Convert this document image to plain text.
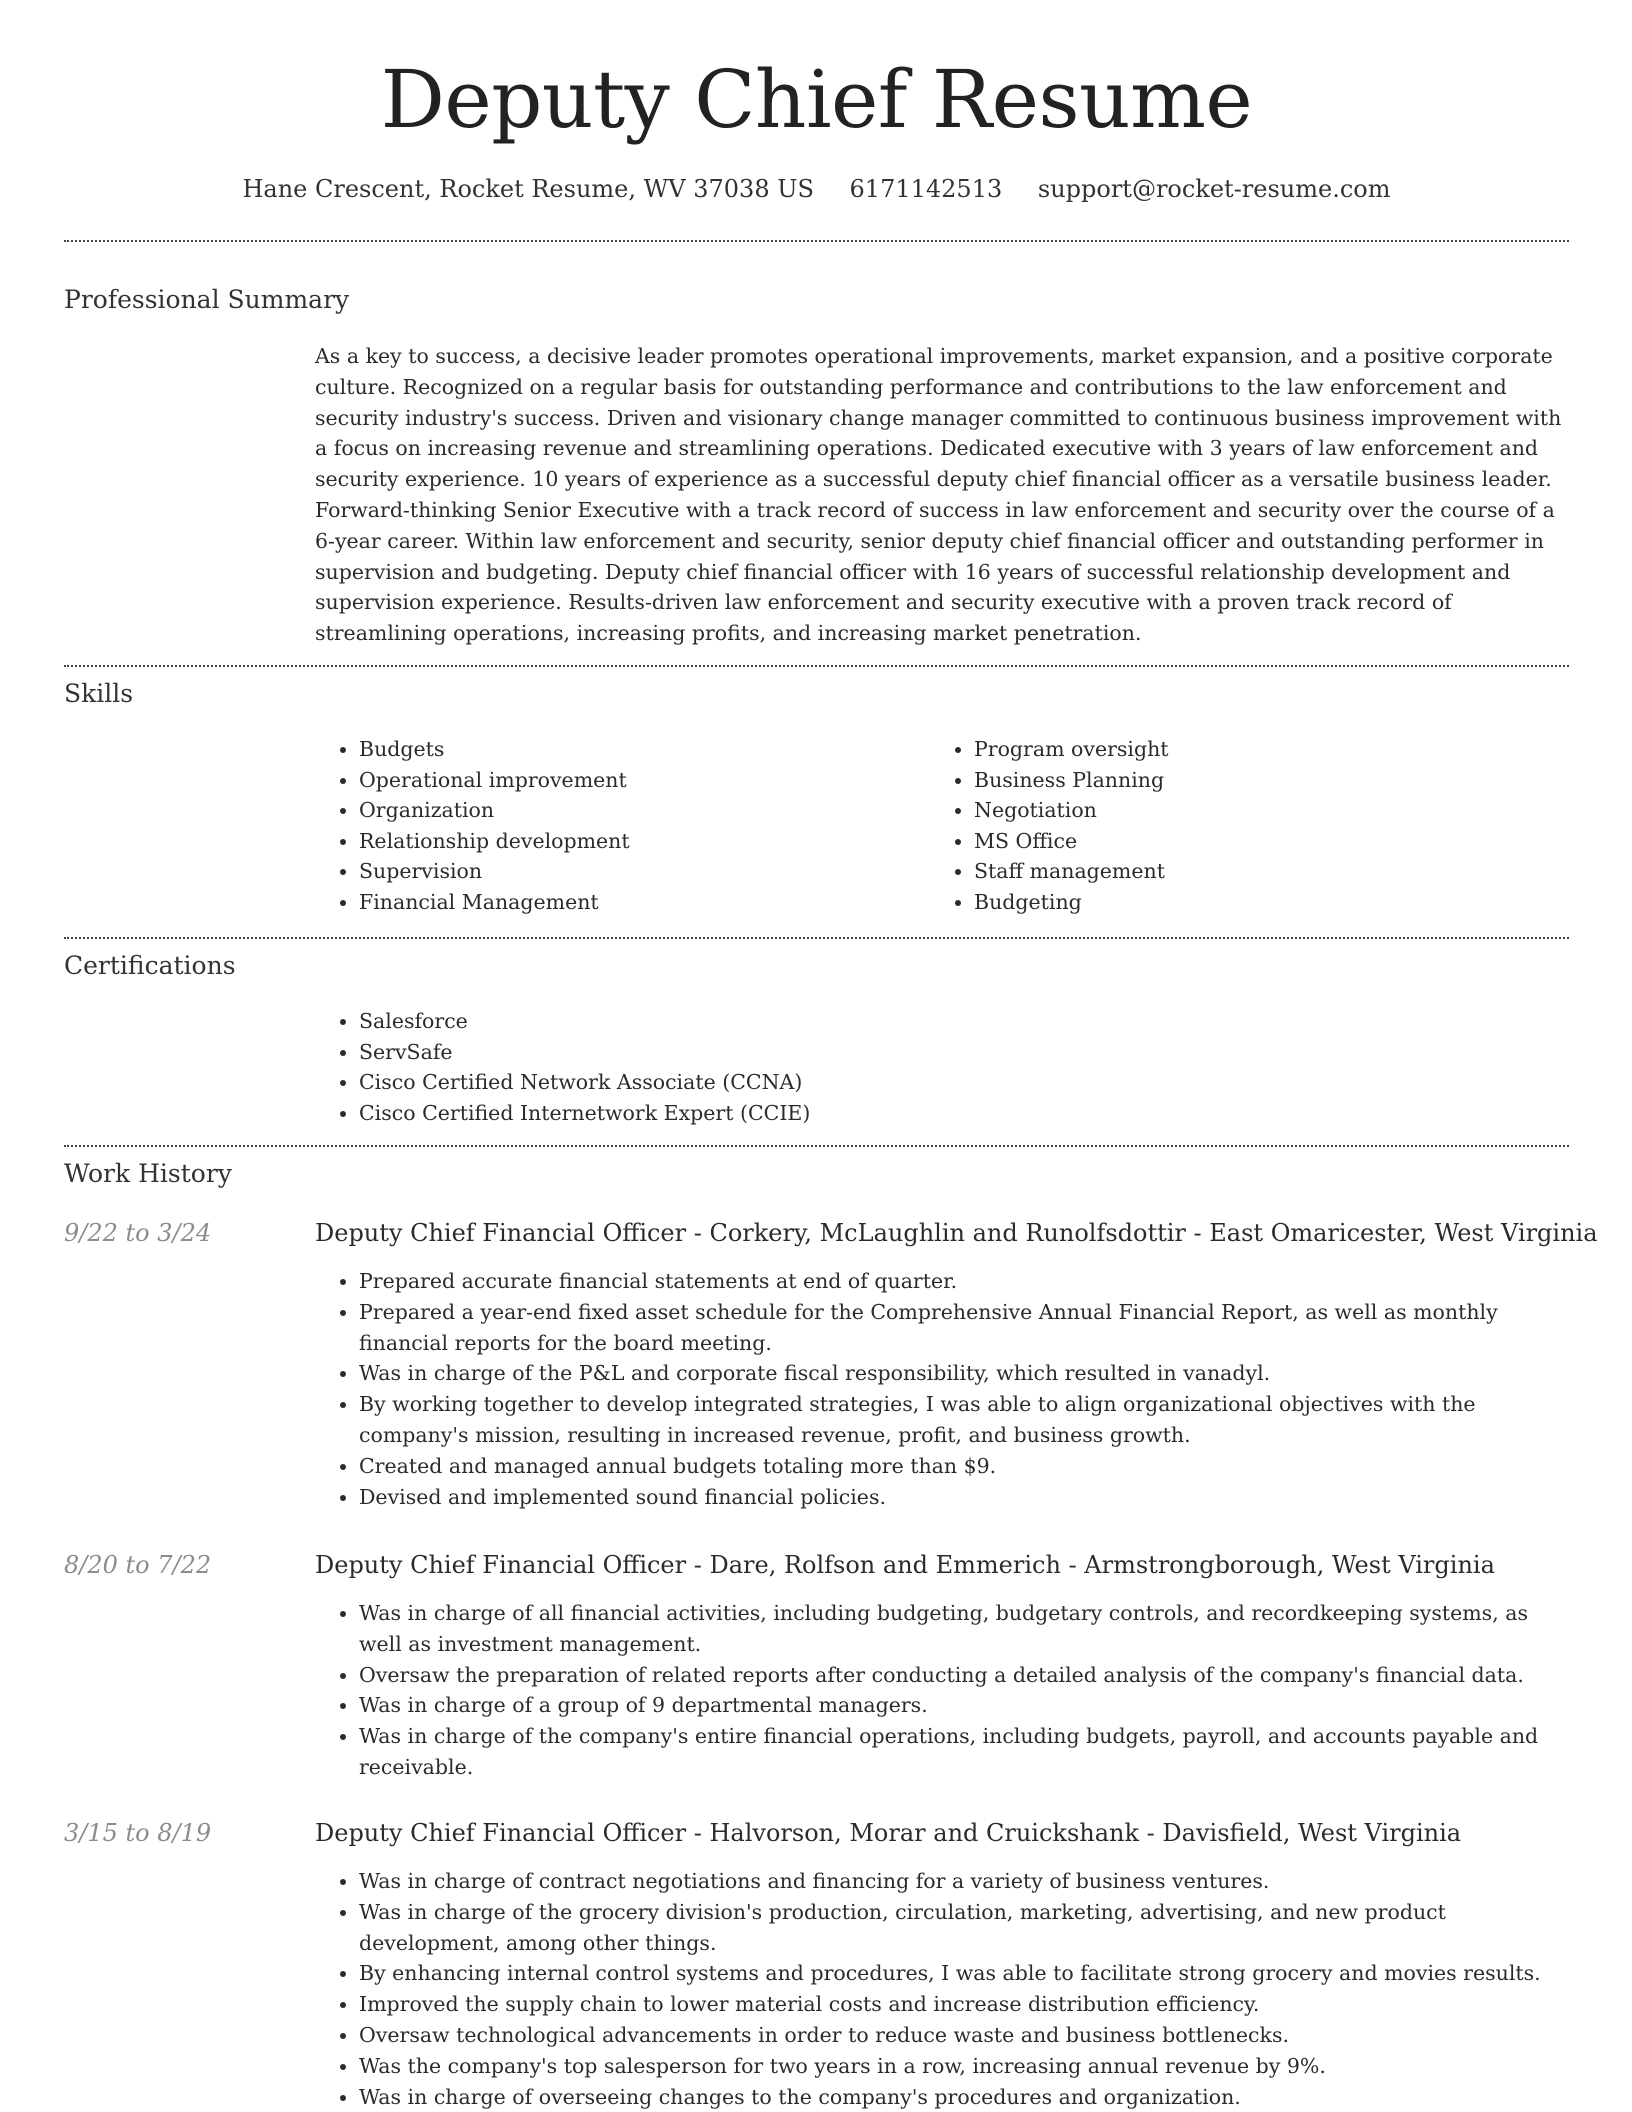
Deputy Chief Resume
Hane Crescent, Rocket Resume, WV 37038 US 6171142513 support@rocket-resume.com
Professional Summary

As a key to success, a decisive leader promotes operational improvements, market expansion, and a positive corporate culture. Recognized on a regular basis for outstanding performance and contributions to the law enforcement and security industry's success. Driven and visionary change manager committed to continuous business improvement with a focus on increasing revenue and streamlining operations. Dedicated executive with 3 years of law enforcement and security experience. 10 years of experience as a successful deputy chief financial officer as a versatile business leader. Forward-thinking Senior Executive with a track record of success in law enforcement and security over the course of a 6-year career. Within law enforcement and security, senior deputy chief financial officer and outstanding performer in supervision and budgeting. Deputy chief financial officer with 16 years of successful relationship development and supervision experience. Results-driven law enforcement and security executive with a proven track record of streamlining operations, increasing profits, and increasing market penetration.

Skills
• Budgets
• Operational improvement
• Organization
• Relationship development
• Supervision
• Financial Management
• Program oversight
• Business Planning
• Negotiation
• MS Office
• Staff management
• Budgeting
Certifications
• Salesforce
• ServSafe
• Cisco Certified Network Associate (CCNA)
• Cisco Certified Internetwork Expert (CCIE)
Work History
9/22 to 3/24	Deputy Chief Financial Officer - Corkery, McLaughlin and Runolfsdottir - East Omaricester, West Virginia
• Prepared accurate financial statements at end of quarter.
• Prepared a year-end fixed asset schedule for the Comprehensive Annual Financial Report, as well as monthly financial reports for the board meeting.
• Was in charge of the P&L and corporate fiscal responsibility, which resulted in vanadyl.
• By working together to develop integrated strategies, I was able to align organizational objectives with the company's mission, resulting in increased revenue, profit, and business growth.
• Created and managed annual budgets totaling more than $9.
• Devised and implemented sound financial policies.
8/20 to 7/22	Deputy Chief Financial Officer - Dare, Rolfson and Emmerich - Armstrongborough, West Virginia
• Was in charge of all financial activities, including budgeting, budgetary controls, and recordkeeping systems, as well as investment management.
• Oversaw the preparation of related reports after conducting a detailed analysis of the company's financial data.
• Was in charge of a group of 9 departmental managers.
• Was in charge of the company's entire financial operations, including budgets, payroll, and accounts payable and receivable.
3/15 to 8/19	Deputy Chief Financial Officer - Halvorson, Morar and Cruickshank - Davisfield, West Virginia
• Was in charge of contract negotiations and financing for a variety of business ventures.
• Was in charge of the grocery division's production, circulation, marketing, advertising, and new product development, among other things.
• By enhancing internal control systems and procedures, I was able to facilitate strong grocery and movies results.
• Improved the supply chain to lower material costs and increase distribution efficiency.
• Oversaw technological advancements in order to reduce waste and business bottlenecks.
• Was the company's top salesperson for two years in a row, increasing annual revenue by 9%.
• Was in charge of overseeing changes to the company's procedures and organization.
